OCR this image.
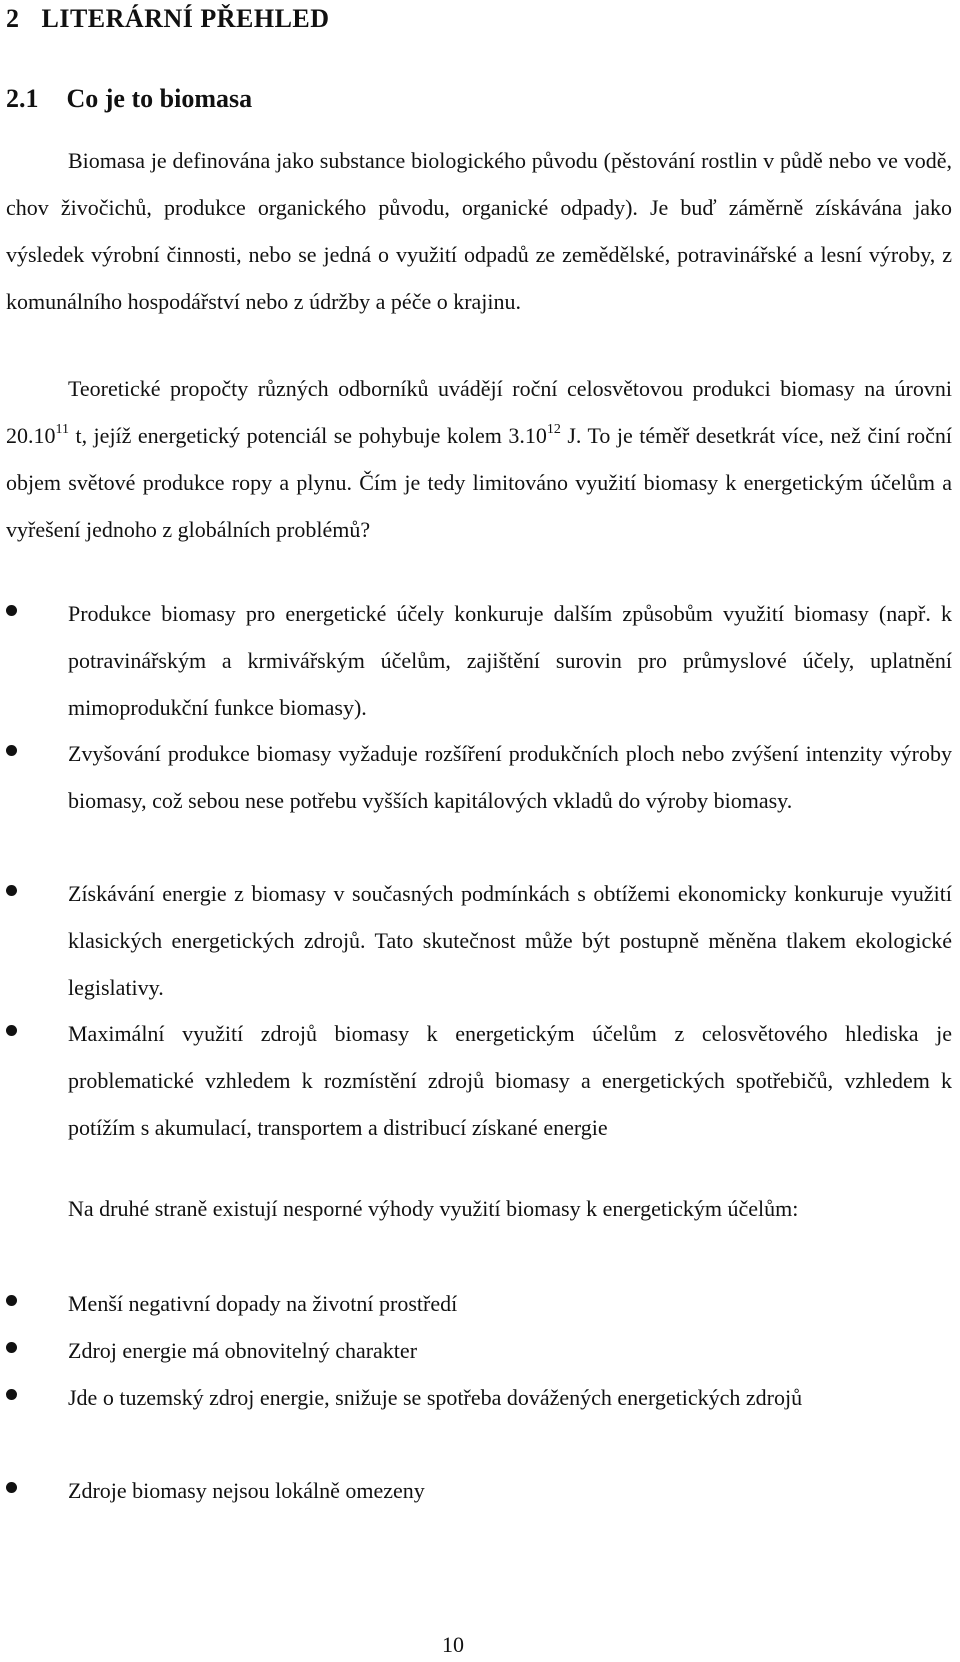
2 LITERÁRNÍ PŘEHLED
2.1 Co je to biomasa

Biomasa je definována jako substance biologického původu (pěstování rostlin v půdě nebo ve vodě, chov živočichů, produkce organického původu, organické odpady). Je buď záměrně získávána jako výsledek výrobní činnosti, nebo se jedná o využití odpadů ze zemědělské, potravinářské a lesní výroby, z komunálního hospodářství nebo z údržby a péče o krajinu.

Teoretické propočty různých odborníků uvádějí roční celosvětovou produkci biomasy na úrovni 20.10$^{11}$ t, jejíž energetický potenciál se pohybuje kolem 3.10$^{12}$ J. To je téměř desetkrát více, než činí roční objem světové produkce ropy a plynu. Čím je tedy limitováno využití biomasy k energetickým účelům a vyřešení jednoho z globálních problémů?

Produkce biomasy pro energetické účely konkuruje dalším způsobům využití biomasy (např. k potravinářským a krmivářským účelům, zajištění surovin pro průmyslové účely, uplatnění mimoprodukční funkce biomasy).
Zvyšování produkce biomasy vyžaduje rozšíření produkčních ploch nebo zvýšení intenzity výroby biomasy, což sebou nese potřebu vyšších kapitálových vkladů do výroby biomasy.
Získávání energie z biomasy v současných podmínkách s obtížemi ekonomicky konkuruje využití klasických energetických zdrojů. Tato skutečnost může být postupně měněna tlakem ekologické legislativy.
Maximální využití zdrojů biomasy k energetickým účelům z celosvětového hlediska je problematické vzhledem k rozmístění zdrojů biomasy a energetických spotřebičů, vzhledem k potížím s akumulací, transportem a distribucí získané energie

Na druhé straně existují nesporné výhody využití biomasy k energetickým účelům:

Menší negativní dopady na životní prostředí
Zdroj energie má obnovitelný charakter
Jde o tuzemský zdroj energie, snižuje se spotřeba dovážených energetických zdrojů
Zdroje biomasy nejsou lokálně omezeny
10
